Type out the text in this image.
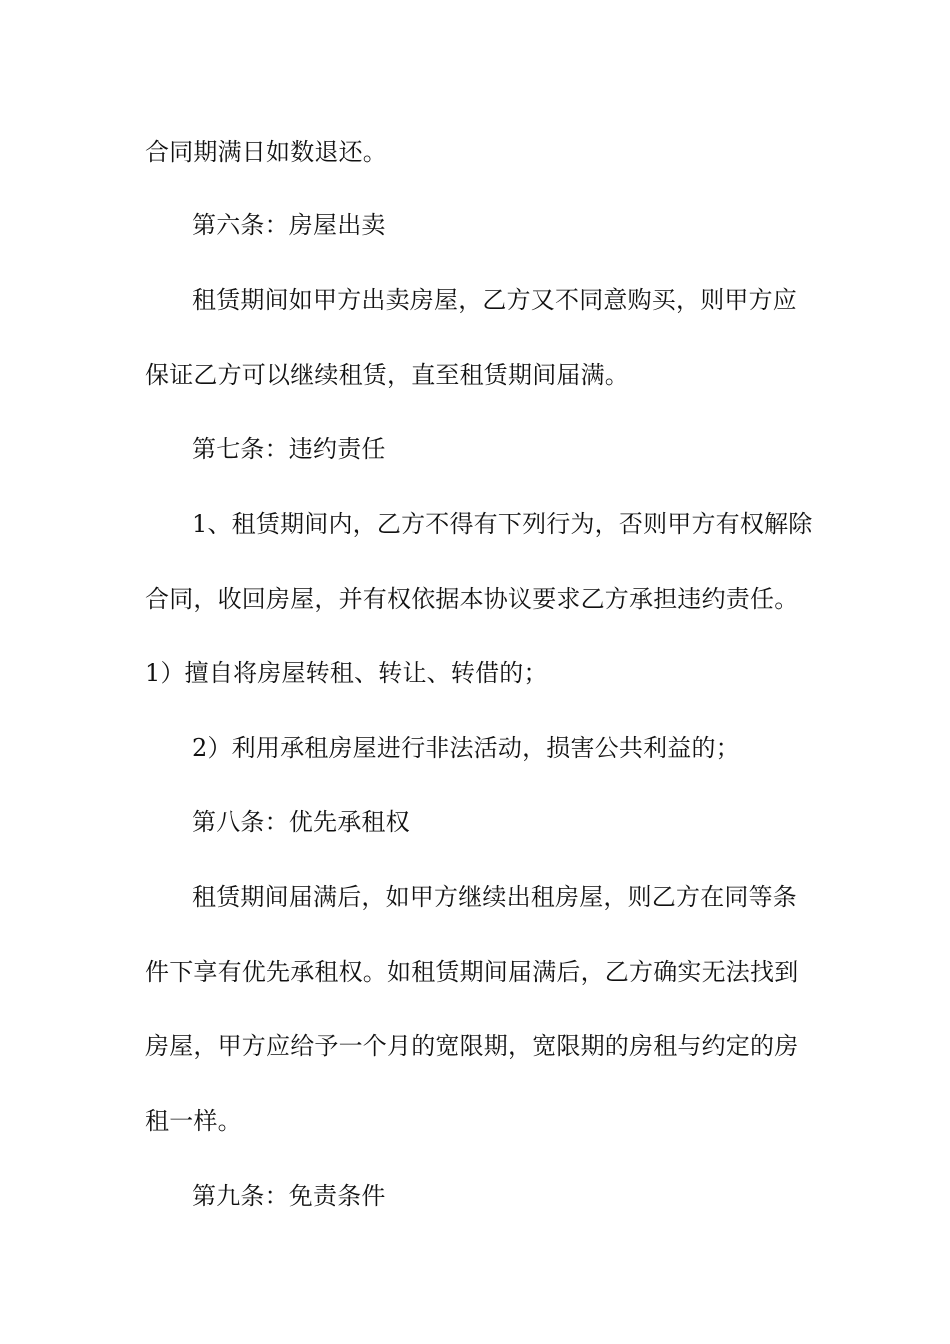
合同期满日如数退还。
第六条：房屋出卖
租赁期间如甲方出卖房屋，乙方又不同意购买，则甲方应
保证乙方可以继续租赁，直至租赁期间届满。
第七条：违约责任
1、租赁期间内，乙方不得有下列行为，否则甲方有权解除
合同，收回房屋，并有权依据本协议要求乙方承担违约责任。
1）擅自将房屋转租、转让、转借的；
2）利用承租房屋进行非法活动，损害公共利益的；
第八条：优先承租权
租赁期间届满后，如甲方继续出租房屋，则乙方在同等条
件下享有优先承租权。如租赁期间届满后，乙方确实无法找到
房屋，甲方应给予一个月的宽限期，宽限期的房租与约定的房
租一样。
第九条：免责条件
